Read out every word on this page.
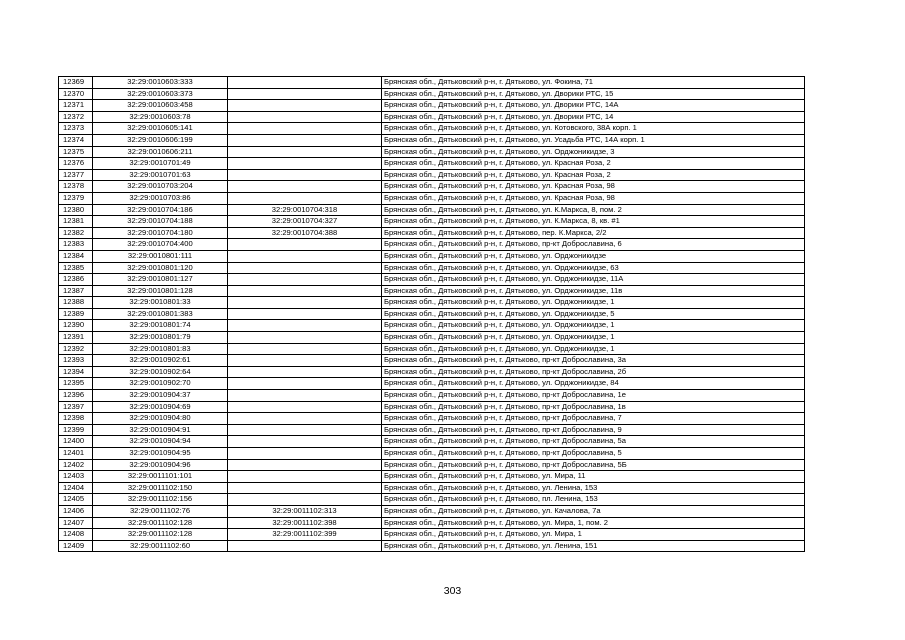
12369	32:29:0010603:333		Брянская обл., Дятьковский р-н, г. Дятьково, ул. Фокина, 71
12370	32:29:0010603:373		Брянская обл., Дятьковский р-н, г. Дятьково, ул. Дворики РТС, 15
12371	32:29:0010603:458		Брянская обл., Дятьковский р-н, г. Дятьково, ул. Дворики РТС, 14А
12372	32:29:0010603:78		Брянская обл., Дятьковский р-н, г. Дятьково, ул. Дворики РТС, 14
12373	32:29:0010605:141		Брянская обл., Дятьковский р-н, г. Дятьково, ул. Котовского, 38А корп. 1
12374	32:29:0010606:199		Брянская обл., Дятьковский р-н, г. Дятьково, ул. Усадьба РТС, 14А корп. 1
12375	32:29:0010606:211		Брянская обл., Дятьковский р-н, г. Дятьково, ул. Орджоникидзе, 3
12376	32:29:0010701:49		Брянская обл., Дятьковский р-н, г. Дятьково, ул. Красная Роза, 2
12377	32:29:0010701:63		Брянская обл., Дятьковский р-н, г. Дятьково, ул. Красная Роза, 2
12378	32:29:0010703:204		Брянская обл., Дятьковский р-н, г. Дятьково, ул. Красная Роза, 98
12379	32:29:0010703:86		Брянская обл., Дятьковский р-н, г. Дятьково, ул. Красная Роза, 98
12380	32:29:0010704:186	32:29:0010704:318	Брянская обл., Дятьковский р-н, г. Дятьково, ул. К.Маркса, 8, пом. 2
12381	32:29:0010704:188	32:29:0010704:327	Брянская обл., Дятьковский р-н, г. Дятьково, ул. К.Маркса, 8, кв. #1
12382	32:29:0010704:180	32:29:0010704:388	Брянская обл., Дятьковский р-н, г. Дятьково, пер. К.Маркса, 2/2
12383	32:29:0010704:400		Брянская обл., Дятьковский р-н, г. Дятьково, пр-кт Доброславина, 6
12384	32:29:0010801:111		Брянская обл., Дятьковский р-н, г. Дятьково, ул. Орджоникидзе
12385	32:29:0010801:120		Брянская обл., Дятьковский р-н, г. Дятьково, ул. Орджоникидзе, 63
12386	32:29:0010801:127		Брянская обл., Дятьковский р-н, г. Дятьково, ул. Орджоникидзе, 11А
12387	32:29:0010801:128		Брянская обл., Дятьковский р-н, г. Дятьково, ул. Орджоникидзе, 11в
12388	32:29:0010801:33		Брянская обл., Дятьковский р-н, г. Дятьково, ул. Орджоникидзе, 1
12389	32:29:0010801:383		Брянская обл., Дятьковский р-н, г. Дятьково, ул. Орджоникидзе, 5
12390	32:29:0010801:74		Брянская обл., Дятьковский р-н, г. Дятьково, ул. Орджоникидзе, 1
12391	32:29:0010801:79		Брянская обл., Дятьковский р-н, г. Дятьково, ул. Орджоникидзе, 1
12392	32:29:0010801:83		Брянская обл., Дятьковский р-н, г. Дятьково, ул. Орджоникидзе, 1
12393	32:29:0010902:61		Брянская обл., Дятьковский р-н, г. Дятьково, пр-кт Доброславина, 3а
12394	32:29:0010902:64		Брянская обл., Дятьковский р-н, г. Дятьково, пр-кт Доброславина, 2б
12395	32:29:0010902:70		Брянская обл., Дятьковский р-н, г. Дятьково, ул. Орджоникидзе, 84
12396	32:29:0010904:37		Брянская обл., Дятьковский р-н, г. Дятьково, пр-кт Доброславина, 1е
12397	32:29:0010904:69		Брянская обл., Дятьковский р-н, г. Дятьково, пр-кт Доброславина, 1в
12398	32:29:0010904:80		Брянская обл., Дятьковский р-н, г. Дятьково, пр-кт Доброславина, 7
12399	32:29:0010904:91		Брянская обл., Дятьковский р-н, г. Дятьково, пр-кт Доброславина, 9
12400	32:29:0010904:94		Брянская обл., Дятьковский р-н, г. Дятьково, пр-кт Доброславина, 5а
12401	32:29:0010904:95		Брянская обл., Дятьковский р-н, г. Дятьково, пр-кт Доброславина, 5
12402	32:29:0010904:96		Брянская обл., Дятьковский р-н, г. Дятьково, пр-кт Доброславина, 5Б
12403	32:29:0011101:101		Брянская обл., Дятьковский р-н, г. Дятьково, ул. Мира, 11
12404	32:29:0011102:150		Брянская обл., Дятьковский р-н, г. Дятьково, ул. Ленина, 153
12405	32:29:0011102:156		Брянская обл., Дятьковский р-н, г. Дятьково, пл. Ленина, 153
12406	32:29:0011102:76	32:29:0011102:313	Брянская обл., Дятьковский р-н, г. Дятьково, ул. Качалова, 7а
12407	32:29:0011102:128	32:29:0011102:398	Брянская обл., Дятьковский р-н, г. Дятьково, ул. Мира, 1, пом. 2
12408	32:29:0011102:128	32:29:0011102:399	Брянская обл., Дятьковский р-н, г. Дятьково, ул. Мира, 1
12409	32:29:0011102:60		Брянская обл., Дятьковский р-н, г. Дятьково, ул. Ленина, 151
303
